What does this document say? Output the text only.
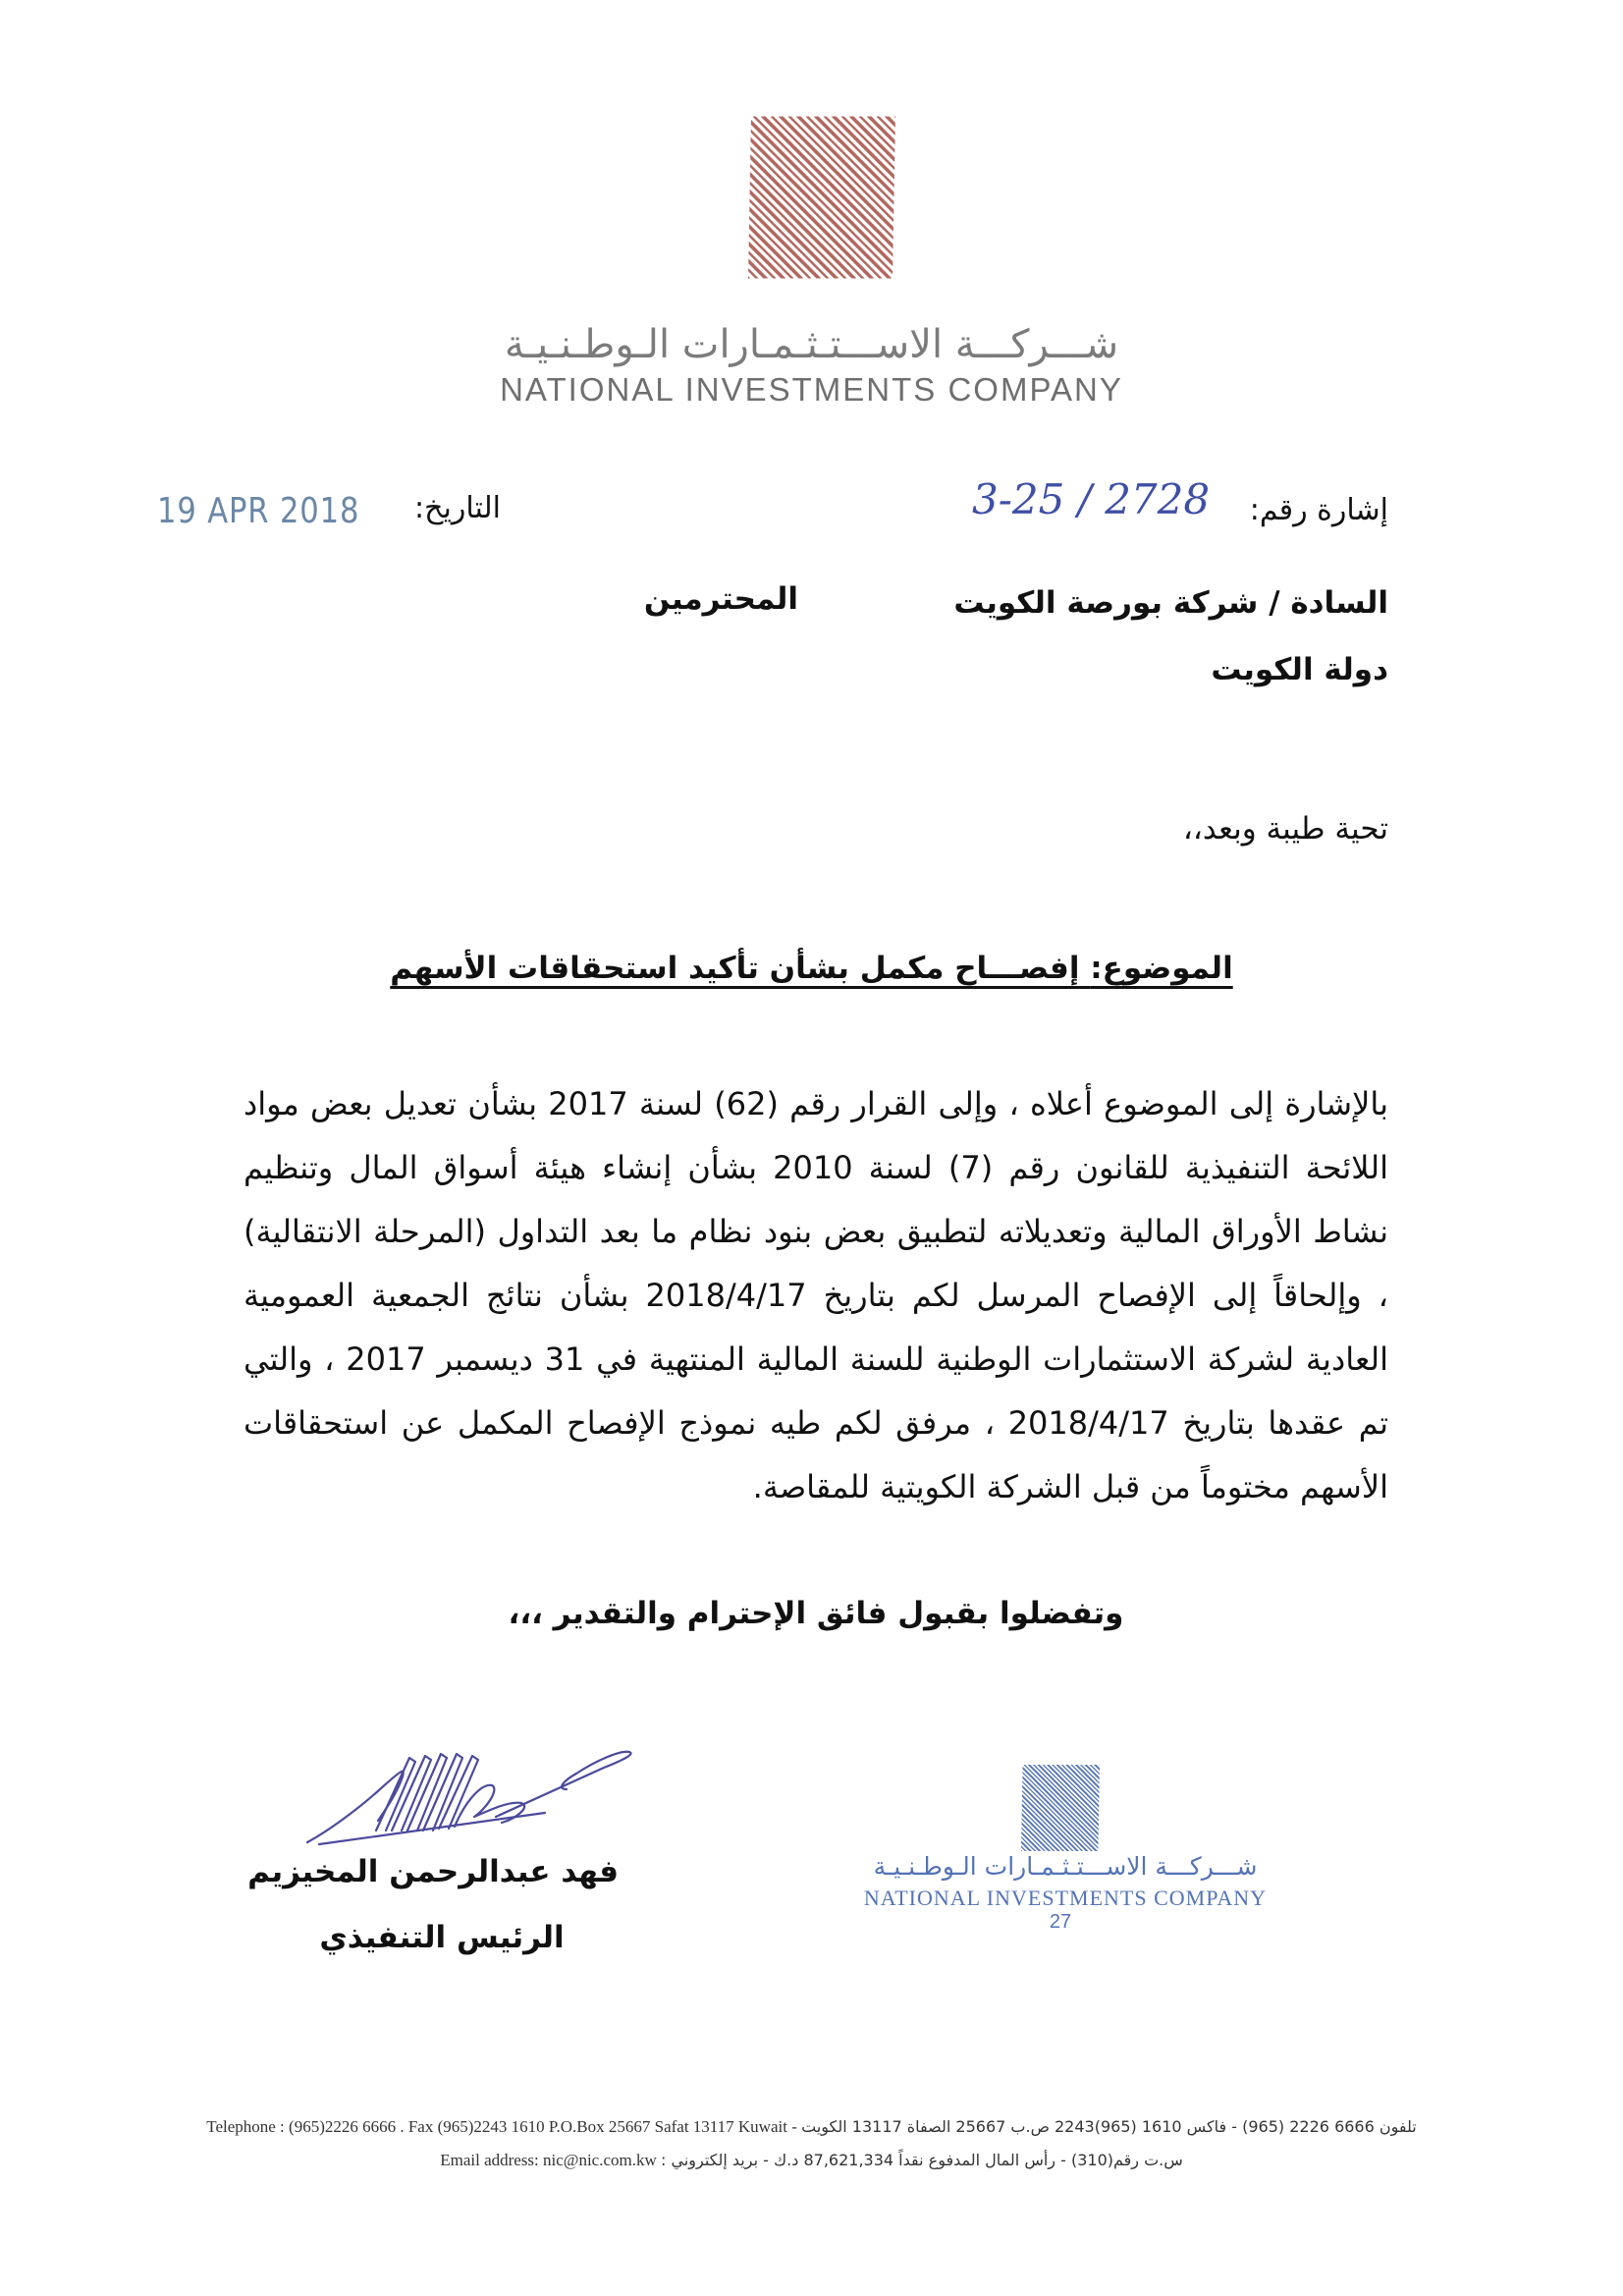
شـــركـــة الاســـتـثـمـارات الـوطـنـيـة
NATIONAL INVESTMENTS COMPANY
19 APR 2018 التاريخ:	إشارة رقم:
3-25 / 2728
السادة / شركة بورصة الكويت
المحترمين
دولة الكويت
تحية طيبة وبعد،،
الموضوع: إفصـــاح مكمل بشأن تأكيد استحقاقات الأسهم

بالإشارة إلى الموضوع أعلاه ، وإلى القرار رقم (62) لسنة 2017 بشأن تعديل بعض مواد اللائحة التنفيذية للقانون رقم (7) لسنة 2010 بشأن إنشاء هيئة أسواق المال وتنظيم نشاط الأوراق المالية وتعديلاته لتطبيق بعض بنود نظام ما بعد التداول (المرحلة الانتقالية) ، وإلحاقاً إلى الإفصاح المرسل لكم بتاريخ 2018/4/17 بشأن نتائج الجمعية العمومية العادية لشركة الاستثمارات الوطنية للسنة المالية المنتهية في 31 ديسمبر 2017 ، والتي تم عقدها بتاريخ 2018/4/17 ، مرفق لكم طيه نموذج الإفصاح المكمل عن استحقاقات الأسهم مختوماً من قبل الشركة الكويتية للمقاصة.

وتفضلوا بقبول فائق الإحترام والتقدير ،،،
فهد عبدالرحمن المخيزيم
الرئيس التنفيذي
شـــركـــة الاســـتـثـمـارات الـوطـنـيـة
NATIONAL INVESTMENTS COMPANY
27
Telephone : (965)2226 6666 . Fax (965)2243 1610 P.O.Box 25667 Safat 13117 Kuwait - تلفون 6666 2226 (965) - فاكس 1610 (965)2243 ص.ب 25667 الصفاة 13117 الكويت
Email address: nic@nic.com.kw س.ت رقم(310) - رأس المال المدفوع نقداً 87,621,334 د.ك - بريد إلكتروني :
